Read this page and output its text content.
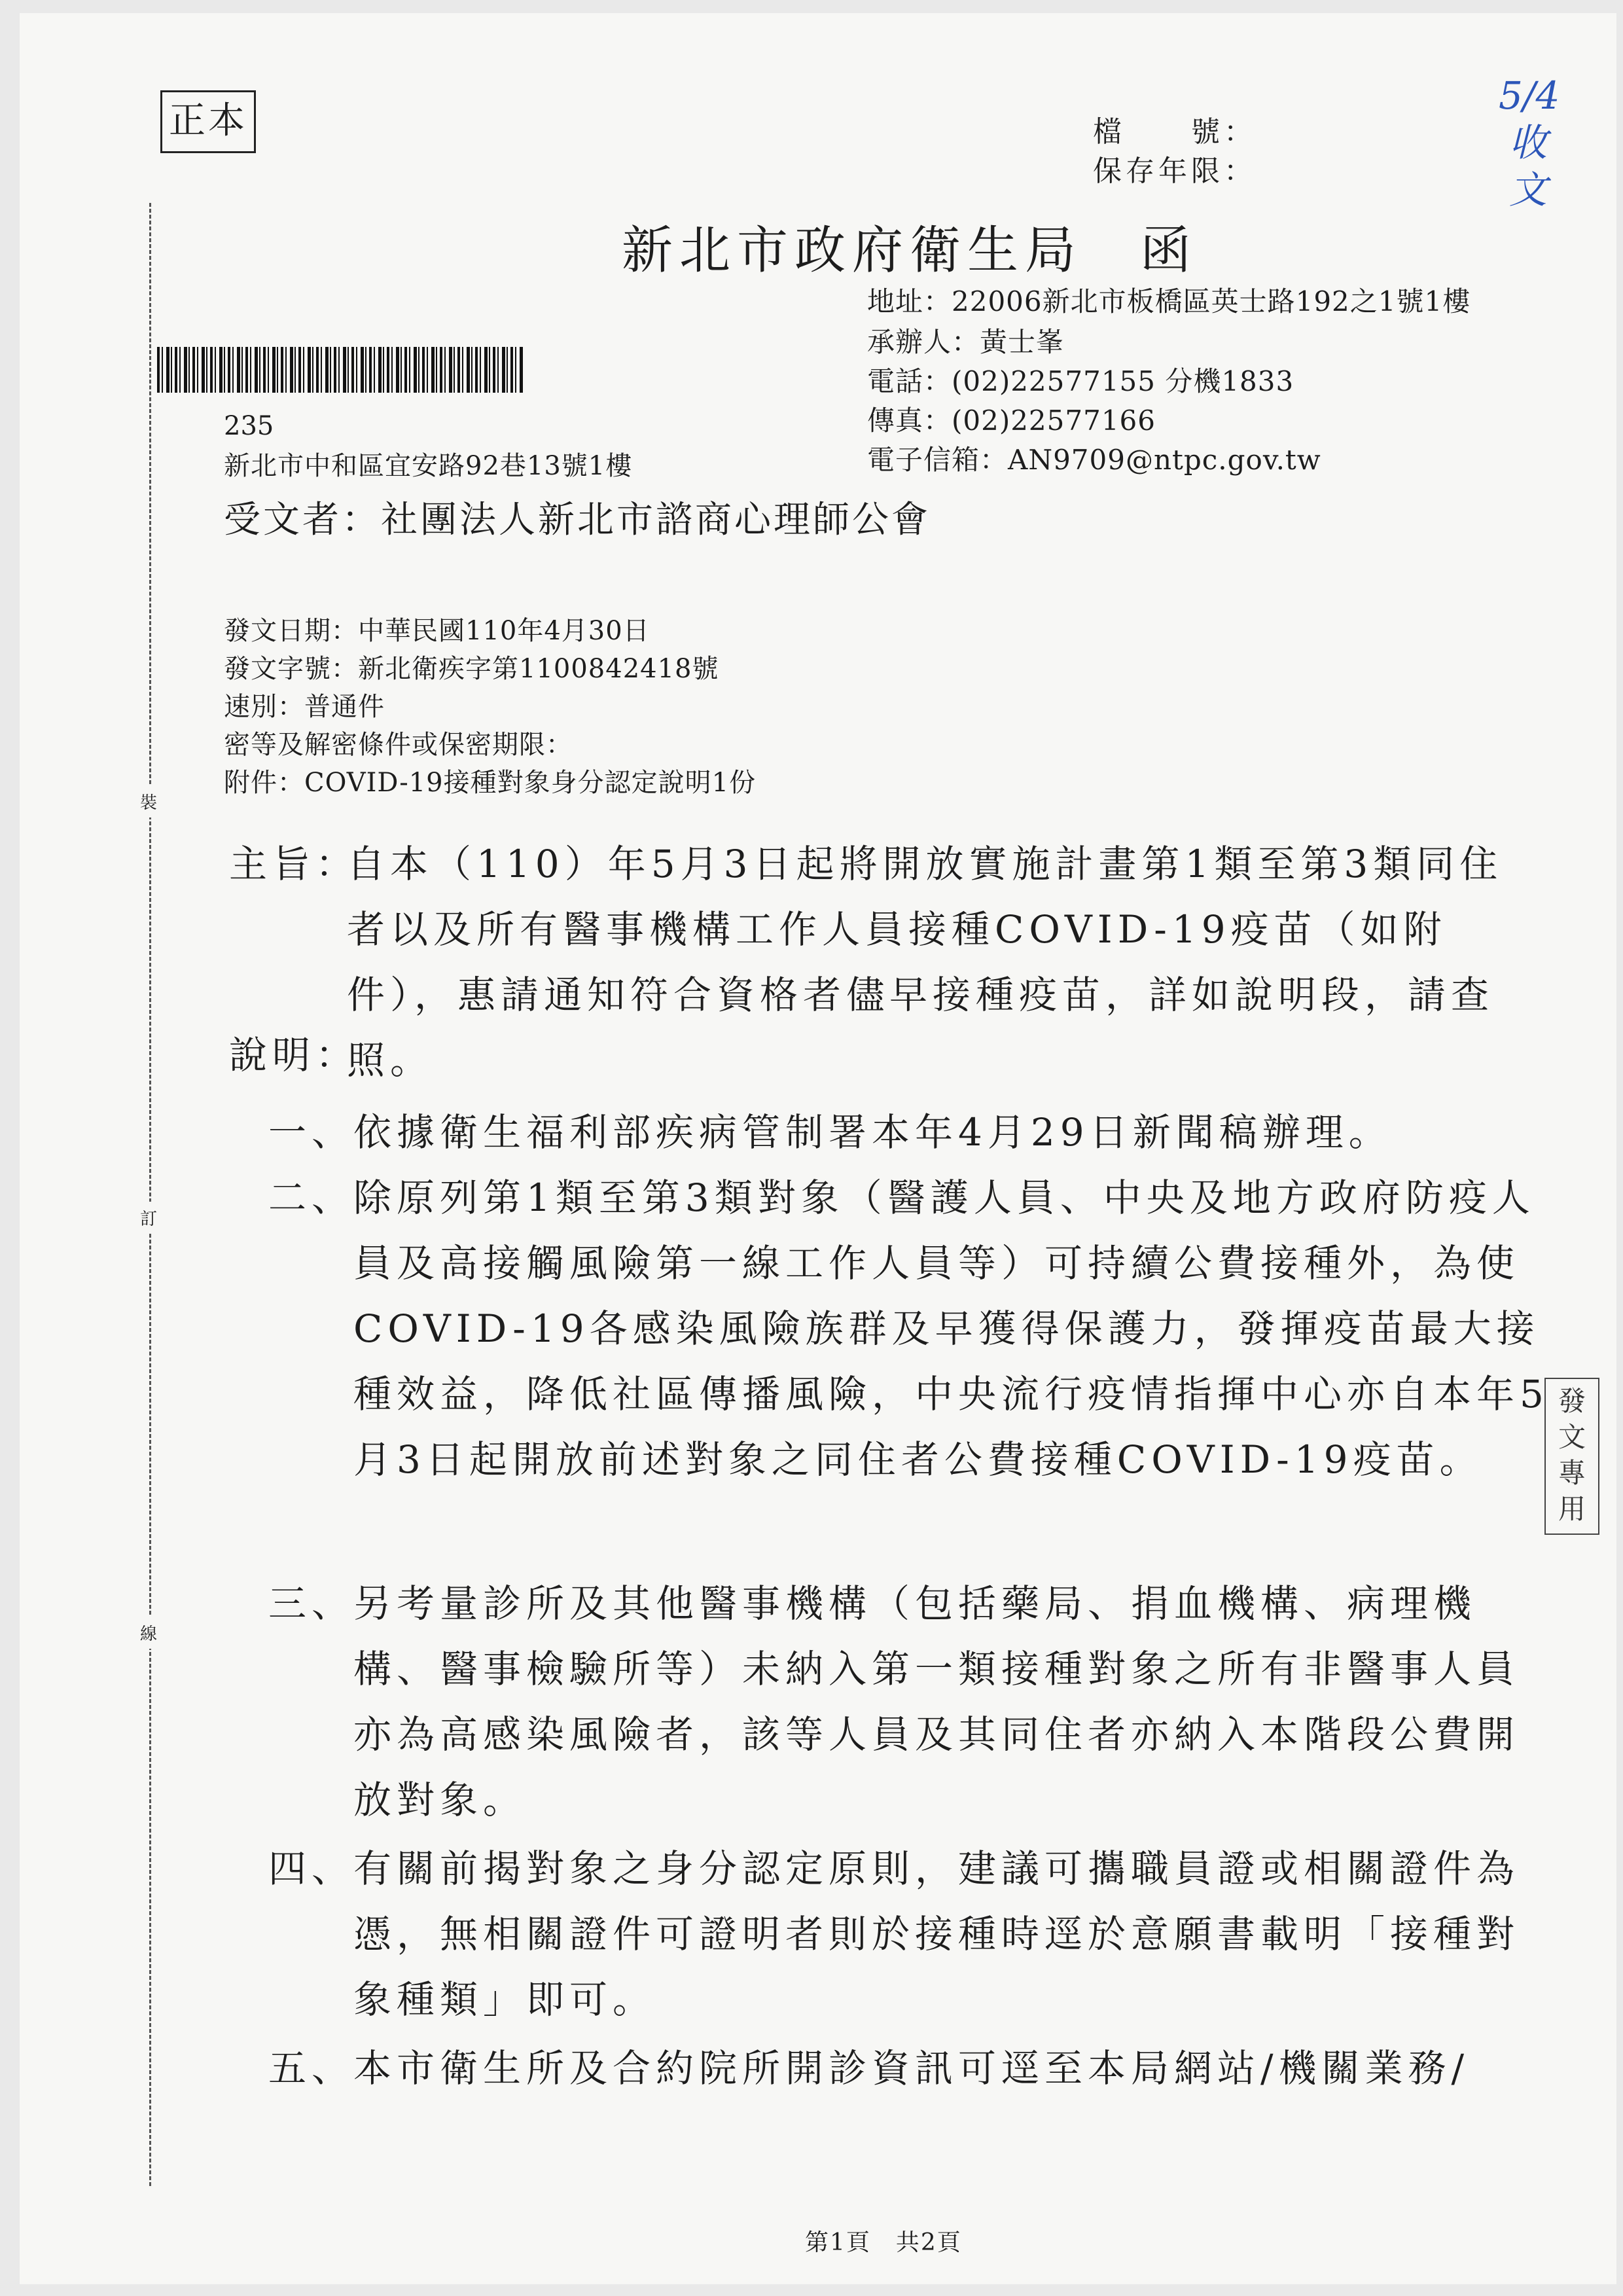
正本	檔　　號：
保存年限：
5/4收文
新北市政府衛生局　函
地址：22006新北市板橋區英士路192之1號1樓
承辦人：黃士峯
電話：(02)22577155 分機1833
傳真：(02)22577166
電子信箱：AN9709@ntpc.gov.tw
235
新北市中和區宜安路92巷13號1樓
受文者：社團法人新北市諮商心理師公會
發文日期：中華民國110年4月30日
發文字號：新北衛疾字第1100842418號
速別：普通件
密等及解密條件或保密期限：
附件：COVID-19接種對象身分認定說明1份
裝
訂
線
主旨：
自本（110）年5月3日起將開放實施計畫第1類至第3類同住者以及所有醫事機構工作人員接種COVID-19疫苗（如附件），惠請通知符合資格者儘早接種疫苗，詳如說明段，請查照。
說明：
一、
依據衛生福利部疾病管制署本年4月29日新聞稿辦理。
二、
除原列第1類至第3類對象（醫護人員、中央及地方政府防疫人員及高接觸風險第一線工作人員等）可持續公費接種外，為使COVID-19各感染風險族群及早獲得保護力，發揮疫苗最大接種效益，降低社區傳播風險，中央流行疫情指揮中心亦自本年5月3日起開放前述對象之同住者公費接種COVID-19疫苗。
三、
另考量診所及其他醫事機構（包括藥局、捐血機構、病理機構、醫事檢驗所等）未納入第一類接種對象之所有非醫事人員亦為高感染風險者，該等人員及其同住者亦納入本階段公費開放對象。
四、
有關前揭對象之身分認定原則，建議可攜職員證或相關證件為憑，無相關證件可證明者則於接種時逕於意願書載明「接種對象種類」即可。
五、
本市衛生所及合約院所開診資訊可逕至本局網站/機關業務/
發文專用
第1頁　共2頁
